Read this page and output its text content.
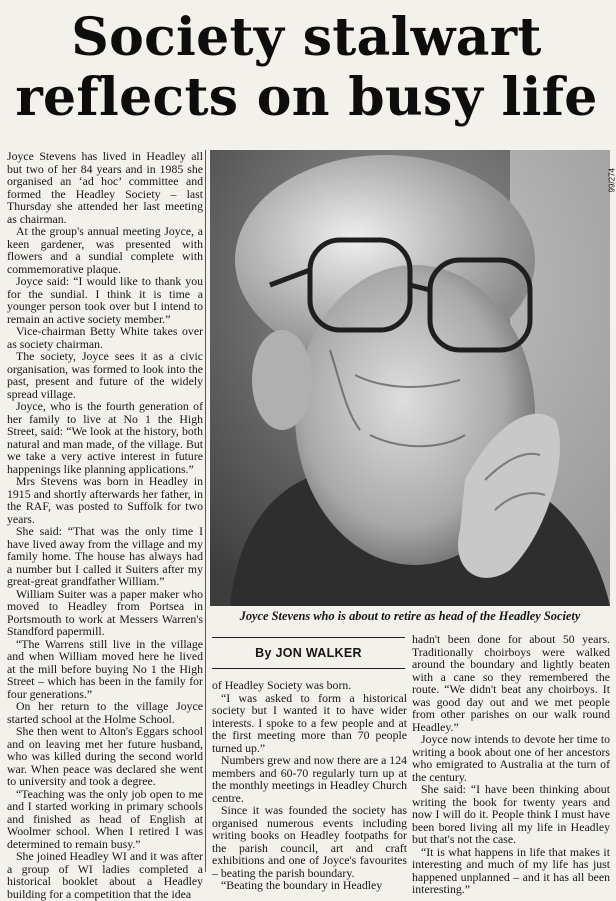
Society stalwart
reflects on busy life

Joyce Stevens has lived in Headley all but two of her 84 years and in 1985 she organised an ‘ad hoc’ committee and formed the Headley Society – last Thursday she attended her last meeting as chairman.

At the group's annual meeting Joyce, a keen gardener, was presented with flowers and a sundial complete with commemorative plaque.

Joyce said: “I would like to thank you for the sundial. I think it is time a younger person took over but I intend to remain an active society member.”

Vice-chairman Betty White takes over as society chairman.

The society, Joyce sees it as a civic organisation, was formed to look into the past, present and future of the widely spread village.

Joyce, who is the fourth generation of her family to live at No 1 the High Street, said: “We look at the history, both natural and man made, of the village. But we take a very active interest in future happenings like planning applications.”

Mrs Stevens was born in Headley in 1915 and shortly afterwards her father, in the RAF, was posted to Suffolk for two years.

She said: “That was the only time I have lived away from the village and my family home. The house has always had a number but I called it Suiters after my great-great grandfather William.”

William Suiter was a paper maker who moved to Headley from Portsea in Portsmouth to work at Messers Warren's Standford papermill.

“The Warrens still live in the village and when William moved here he lived at the mill before buying No 1 the High Street – which has been in the family for four generations.”

On her return to the village Joyce started school at the Holme School.

She then went to Alton's Eggars school and on leaving met her future husband, who was killed during the second world war. When peace was declared she went to university and took a degree.

“Teaching was the only job open to me and I started working in primary schools and finished as head of English at Woolmer school. When I retired I was determined to remain busy.”

She joined Headley WI and it was after a group of WI ladies completed a historical booklet about a Headley building for a competition that the idea

99/274
Joyce Stevens who is about to retire as head of the Headley Society
By JON WALKER

of Headley Society was born.

“I was asked to form a historical society but I wanted it to have wider interests. I spoke to a few people and at the first meeting more than 70 people turned up.”

Numbers grew and now there are a 124 members and 60-70 regularly turn up at the monthly meetings in Headley Church centre.

Since it was founded the society has organised numerous events including writing books on Headley footpaths for the parish council, art and craft exhibitions and one of Joyce's favourites – beating the parish boundary.

“Beating the boundary in Headley

hadn't been done for about 50 years. Traditionally choirboys were walked around the boundary and lightly beaten with a cane so they remembered the route. “We didn't beat any choirboys. It was good day out and we met people from other parishes on our walk round Headley.”

Joyce now intends to devote her time to writing a book about one of her ancestors who emigrated to Australia at the turn of the century.

She said: “I have been thinking about writing the book for twenty years and now I will do it. People think I must have been bored living all my life in Headley but that's not the case.

“It is what happens in life that makes it interesting and much of my life has just happened unplanned – and it has all been interesting.”
